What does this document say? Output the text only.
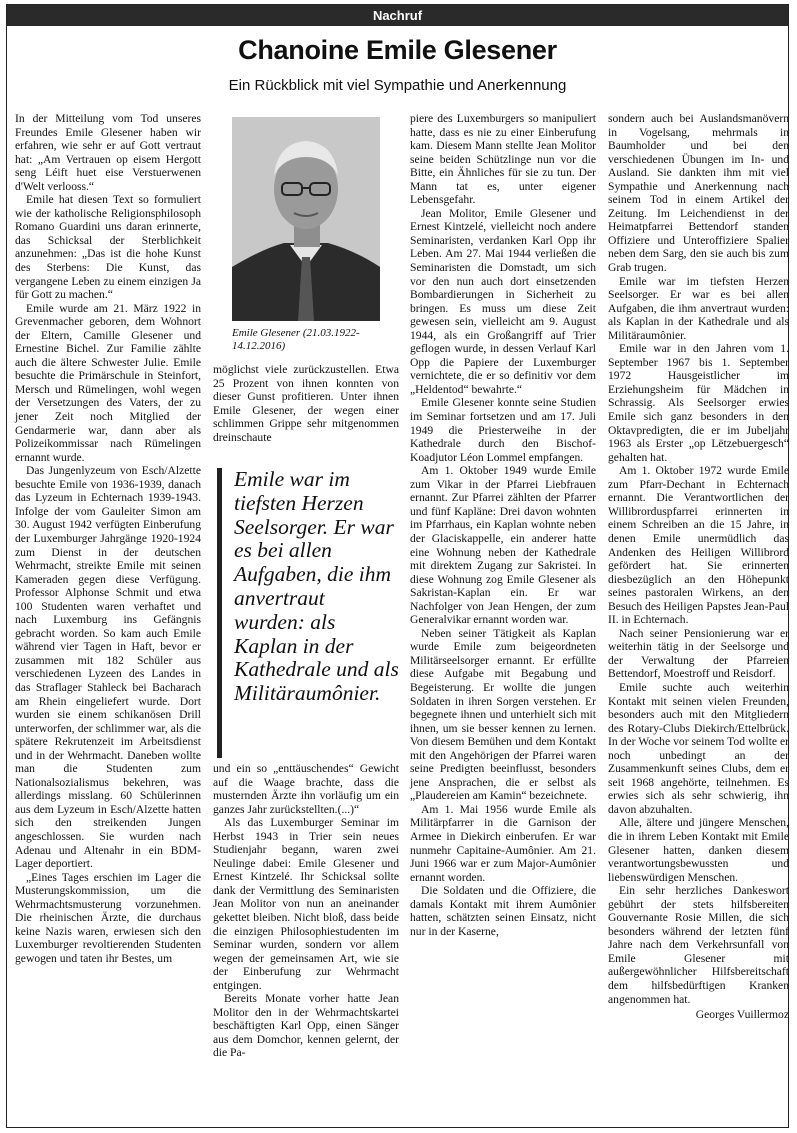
Nachruf
Chanoine Emile Glesener
Ein Rückblick mit viel Sympathie und Anerkennung

In der Mitteilung vom Tod unseres Freundes Emile Glesener haben wir erfahren, wie sehr er auf Gott vertraut hat: „Am Vertrauen op eisem Hergott seng Léift huet eise Verstuerwenen d'Welt verlooss.“

Emile hat diesen Text so formuliert wie der katholische Religionsphilosoph Romano Guardini uns daran erinnerte, das Schicksal der Sterblichkeit anzunehmen: „Das ist die hohe Kunst des Sterbens: Die Kunst, das vergangene Leben zu einem einzigen Ja für Gott zu machen.“

Emile wurde am 21. März 1922 in Grevenmacher geboren, dem Wohnort der Eltern, Camille Glesener und Ernestine Bichel. Zur Familie zählte auch die ältere Schwester Julie. Emile besuchte die Primärschule in Steinfort, Mersch und Rümelingen, wohl wegen der Versetzungen des Vaters, der zu jener Zeit noch Mitglied der Gendarmerie war, dann aber als Polizeikommissar nach Rümelingen ernannt wurde.

Das Jungenlyzeum von Esch/Alzette besuchte Emile von 1936-1939, danach das Lyzeum in Echternach 1939-1943. Infolge der vom Gauleiter Simon am 30. August 1942 verfügten Einberufung der Luxemburger Jahrgänge 1920-1924 zum Dienst in der deutschen Wehrmacht, streikte Emile mit seinen Kameraden gegen diese Verfügung. Professor Alphonse Schmit und etwa 100 Studenten waren verhaftet und nach Luxemburg ins Gefängnis gebracht worden. So kam auch Emile während vier Tagen in Haft, bevor er zusammen mit 182 Schüler aus verschiedenen Lyzeen des Landes in das Straflager Stahleck bei Bacharach am Rhein eingeliefert wurde. Dort wurden sie einem schikanösen Drill unterworfen, der schlimmer war, als die spätere Rekrutenzeit im Arbeitsdienst und in der Wehrmacht. Daneben wollte man die Studenten zum Nationalsozialismus bekehren, was allerdings misslang. 60 Schülerinnen aus dem Lyzeum in Esch/Alzette hatten sich den streikenden Jungen angeschlossen. Sie wurden nach Adenau und Altenahr in ein BDM-Lager deportiert.

„Eines Tages erschien im Lager die Musterungskommission, um die Wehrmachtsmusterung vorzunehmen. Die rheinischen Ärzte, die durchaus keine Nazis waren, erwiesen sich den Luxemburger revoltierenden Studenten gewogen und taten ihr Bestes, um

Emile Glesener (21.03.1922-14.12.2016)

möglichst viele zurückzustellen. Etwa 25 Prozent von ihnen konnten von dieser Gunst profitieren. Unter ihnen Emile Glesener, der wegen einer schlimmen Grippe sehr mitgenommen dreinschaute

Emile war im tiefsten Herzen Seelsorger. Er war es bei allen Aufgaben, die ihm anvertraut wurden: als Kaplan in der Kathedrale und als Militäraumônier.

und ein so „enttäuschendes“ Gewicht auf die Waage brachte, dass die musternden Ärzte ihn vorläufig um ein ganzes Jahr zurückstellten.(...)“

Als das Luxemburger Seminar im Herbst 1943 in Trier sein neues Studienjahr begann, waren zwei Neulinge dabei: Emile Glesener und Ernest Kintzelé. Ihr Schicksal sollte dank der Vermittlung des Seminaristen Jean Molitor von nun an aneinander gekettet bleiben. Nicht bloß, dass beide die einzigen Philosophiestudenten im Seminar wurden, sondern vor allem wegen der gemeinsamen Art, wie sie der Einberufung zur Wehrmacht entgingen.

Bereits Monate vorher hatte Jean Molitor den in der Wehrmachtskartei beschäftigten Karl Opp, einen Sänger aus dem Domchor, kennen gelernt, der die Pa-

piere des Luxemburgers so manipuliert hatte, dass es nie zu einer Einberufung kam. Diesem Mann stellte Jean Molitor seine beiden Schützlinge nun vor die Bitte, ein Ähnliches für sie zu tun. Der Mann tat es, unter eigener Lebensgefahr.

Jean Molitor, Emile Glesener und Ernest Kintzelé, vielleicht noch andere Seminaristen, verdanken Karl Opp ihr Leben. Am 27. Mai 1944 verließen die Seminaristen die Domstadt, um sich vor den nun auch dort einsetzenden Bombardierungen in Sicherheit zu bringen. Es muss um diese Zeit gewesen sein, vielleicht am 9. August 1944, als ein Großangriff auf Trier geflogen wurde, in dessen Verlauf Karl Opp die Papiere der Luxemburger vernichtete, die er so definitiv vor dem „Heldentod“ bewahrte.“

Emile Glesener konnte seine Studien im Seminar fortsetzen und am 17. Juli 1949 die Priesterweihe in der Kathedrale durch den Bischof-Koadjutor Léon Lommel empfangen.

Am 1. Oktober 1949 wurde Emile zum Vikar in der Pfarrei Liebfrauen ernannt. Zur Pfarrei zählten der Pfarrer und fünf Kapläne: Drei davon wohnten im Pfarrhaus, ein Kaplan wohnte neben der Glaciskappelle, ein anderer hatte eine Wohnung neben der Kathedrale mit direktem Zugang zur Sakristei. In diese Wohnung zog Emile Glesener als Sakristan-Kaplan ein. Er war Nachfolger von Jean Hengen, der zum Generalvikar ernannt worden war.

Neben seiner Tätigkeit als Kaplan wurde Emile zum beigeordneten Militärseelsorger ernannt. Er erfüllte diese Aufgabe mit Begabung und Begeisterung. Er wollte die jungen Soldaten in ihren Sorgen verstehen. Er begegnete ihnen und unterhielt sich mit ihnen, um sie besser kennen zu lernen. Von diesem Bemühen und dem Kontakt mit den Angehörigen der Pfarrei waren seine Predigten beeinflusst, besonders jene Ansprachen, die er selbst als „Plaudereien am Kamin“ bezeichnete.

Am 1. Mai 1956 wurde Emile als Militärpfarrer in die Garnison der Armee in Diekirch einberufen. Er war nunmehr Capitaine-Aumônier. Am 21. Juni 1966 war er zum Major-Aumônier ernannt worden.

Die Soldaten und die Offiziere, die damals Kontakt mit ihrem Aumônier hatten, schätzten seinen Einsatz, nicht nur in der Kaserne,

sondern auch bei Auslandsmanövern in Vogelsang, mehrmals in Baumholder und bei den verschiedenen Übungen im In- und Ausland. Sie dankten ihm mit viel Sympathie und Anerkennung nach seinem Tod in einem Artikel der Zeitung. Im Leichendienst in der Heimatpfarrei Bettendorf standen Offiziere und Unteroffiziere Spalier neben dem Sarg, den sie auch bis zum Grab trugen.

Emile war im tiefsten Herzen Seelsorger. Er war es bei allen Aufgaben, die ihm anvertraut wurden: als Kaplan in der Kathedrale und als Militäraumônier.

Emile war in den Jahren vom 1. September 1967 bis 1. September 1972 Hausgeistlicher im Erziehungsheim für Mädchen in Schrassig. Als Seelsorger erwies Emile sich ganz besonders in den Oktavpredigten, die er im Jubeljahr 1963 als Erster „op Lëtzebuergesch“ gehalten hat.

Am 1. Oktober 1972 wurde Emile zum Pfarr-Dechant in Echternach ernannt. Die Verantwortlichen der Willibrorduspfarrei erinnerten in einem Schreiben an die 15 Jahre, in denen Emile unermüdlich das Andenken des Heiligen Willibrord gefördert hat. Sie erinnerten diesbezüglich an den Höhepunkt seines pastoralen Wirkens, an den Besuch des Heiligen Papstes Jean-Paul II. in Echternach.

Nach seiner Pensionierung war er weiterhin tätig in der Seelsorge und der Verwaltung der Pfarreien Bettendorf, Moestroff und Reisdorf.

Emile suchte auch weiterhin Kontakt mit seinen vielen Freunden, besonders auch mit den Mitgliedern des Rotary-Clubs Diekirch/Ettelbrück. In der Woche vor seinem Tod wollte er noch unbedingt an der Zusammenkunft seines Clubs, dem er seit 1968 angehörte, teilnehmen. Es erwies sich als sehr schwierig, ihn davon abzuhalten.

Alle, ältere und jüngere Menschen, die in ihrem Leben Kontakt mit Emile Glesener hatten, danken diesem verantwortungsbewussten und liebenswürdigen Menschen.

Ein sehr herzliches Dankeswort gebührt der stets hilfsbereiten Gouvernante Rosie Millen, die sich besonders während der letzten fünf Jahre nach dem Verkehrsunfall von Emile Glesener mit außergewöhnlicher Hilfsbereitschaft dem hilfsbedürftigen Kranken angenommen hat.

Georges Vuillermoz
